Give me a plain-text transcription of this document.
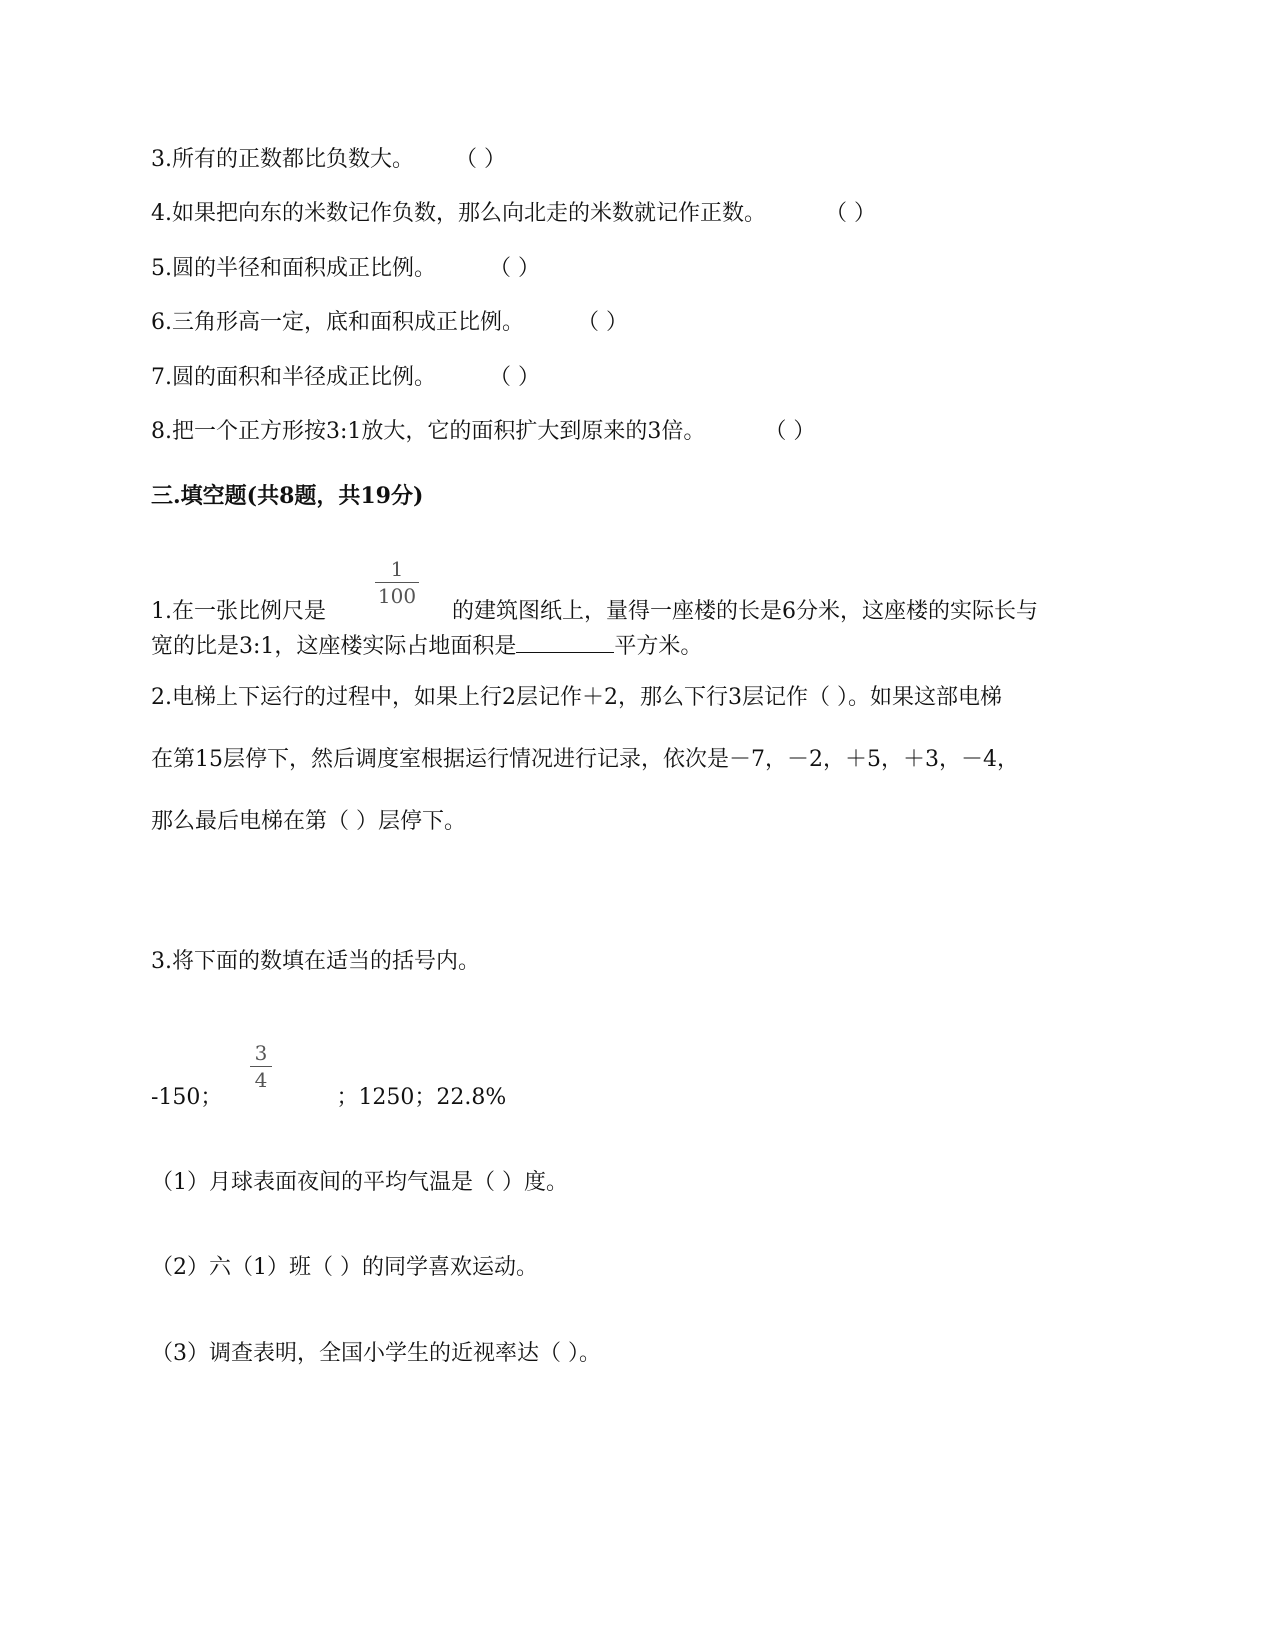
3.所有的正数都比负数大。 （ ）
4.如果把向东的米数记作负数，那么向北走的米数就记作正数。	（ ）
5.圆的半径和面积成正比例。 （ ）
6.三角形高一定，底和面积成正比例。 （ ）
7.圆的面积和半径成正比例。 （ ）
8.把一个正方形按3:1放大，它的面积扩大到原来的3倍。	（ ）
三.填空题(共8题，共19分)
1
100
1.在一张比例尺是	的建筑图纸上，量得一座楼的长是6分米，这座楼的实际长与
宽的比是3:1，这座楼实际占地面积是	平方米。
2.电梯上下运行的过程中，如果上行2层记作＋2，那么下行3层记作（ ）。如果这部电梯
在第15层停下，然后调度室根据运行情况进行记录，依次是－7，－2，＋5，＋3，－4，
那么最后电梯在第（ ）层停下。
3.将下面的数填在适当的括号内。
3
4
-150；	；1250；22.8%
（1）月球表面夜间的平均气温是（ ）度。
（2）六（1）班（ ）的同学喜欢运动。
（3）调查表明，全国小学生的近视率达（ ）。
